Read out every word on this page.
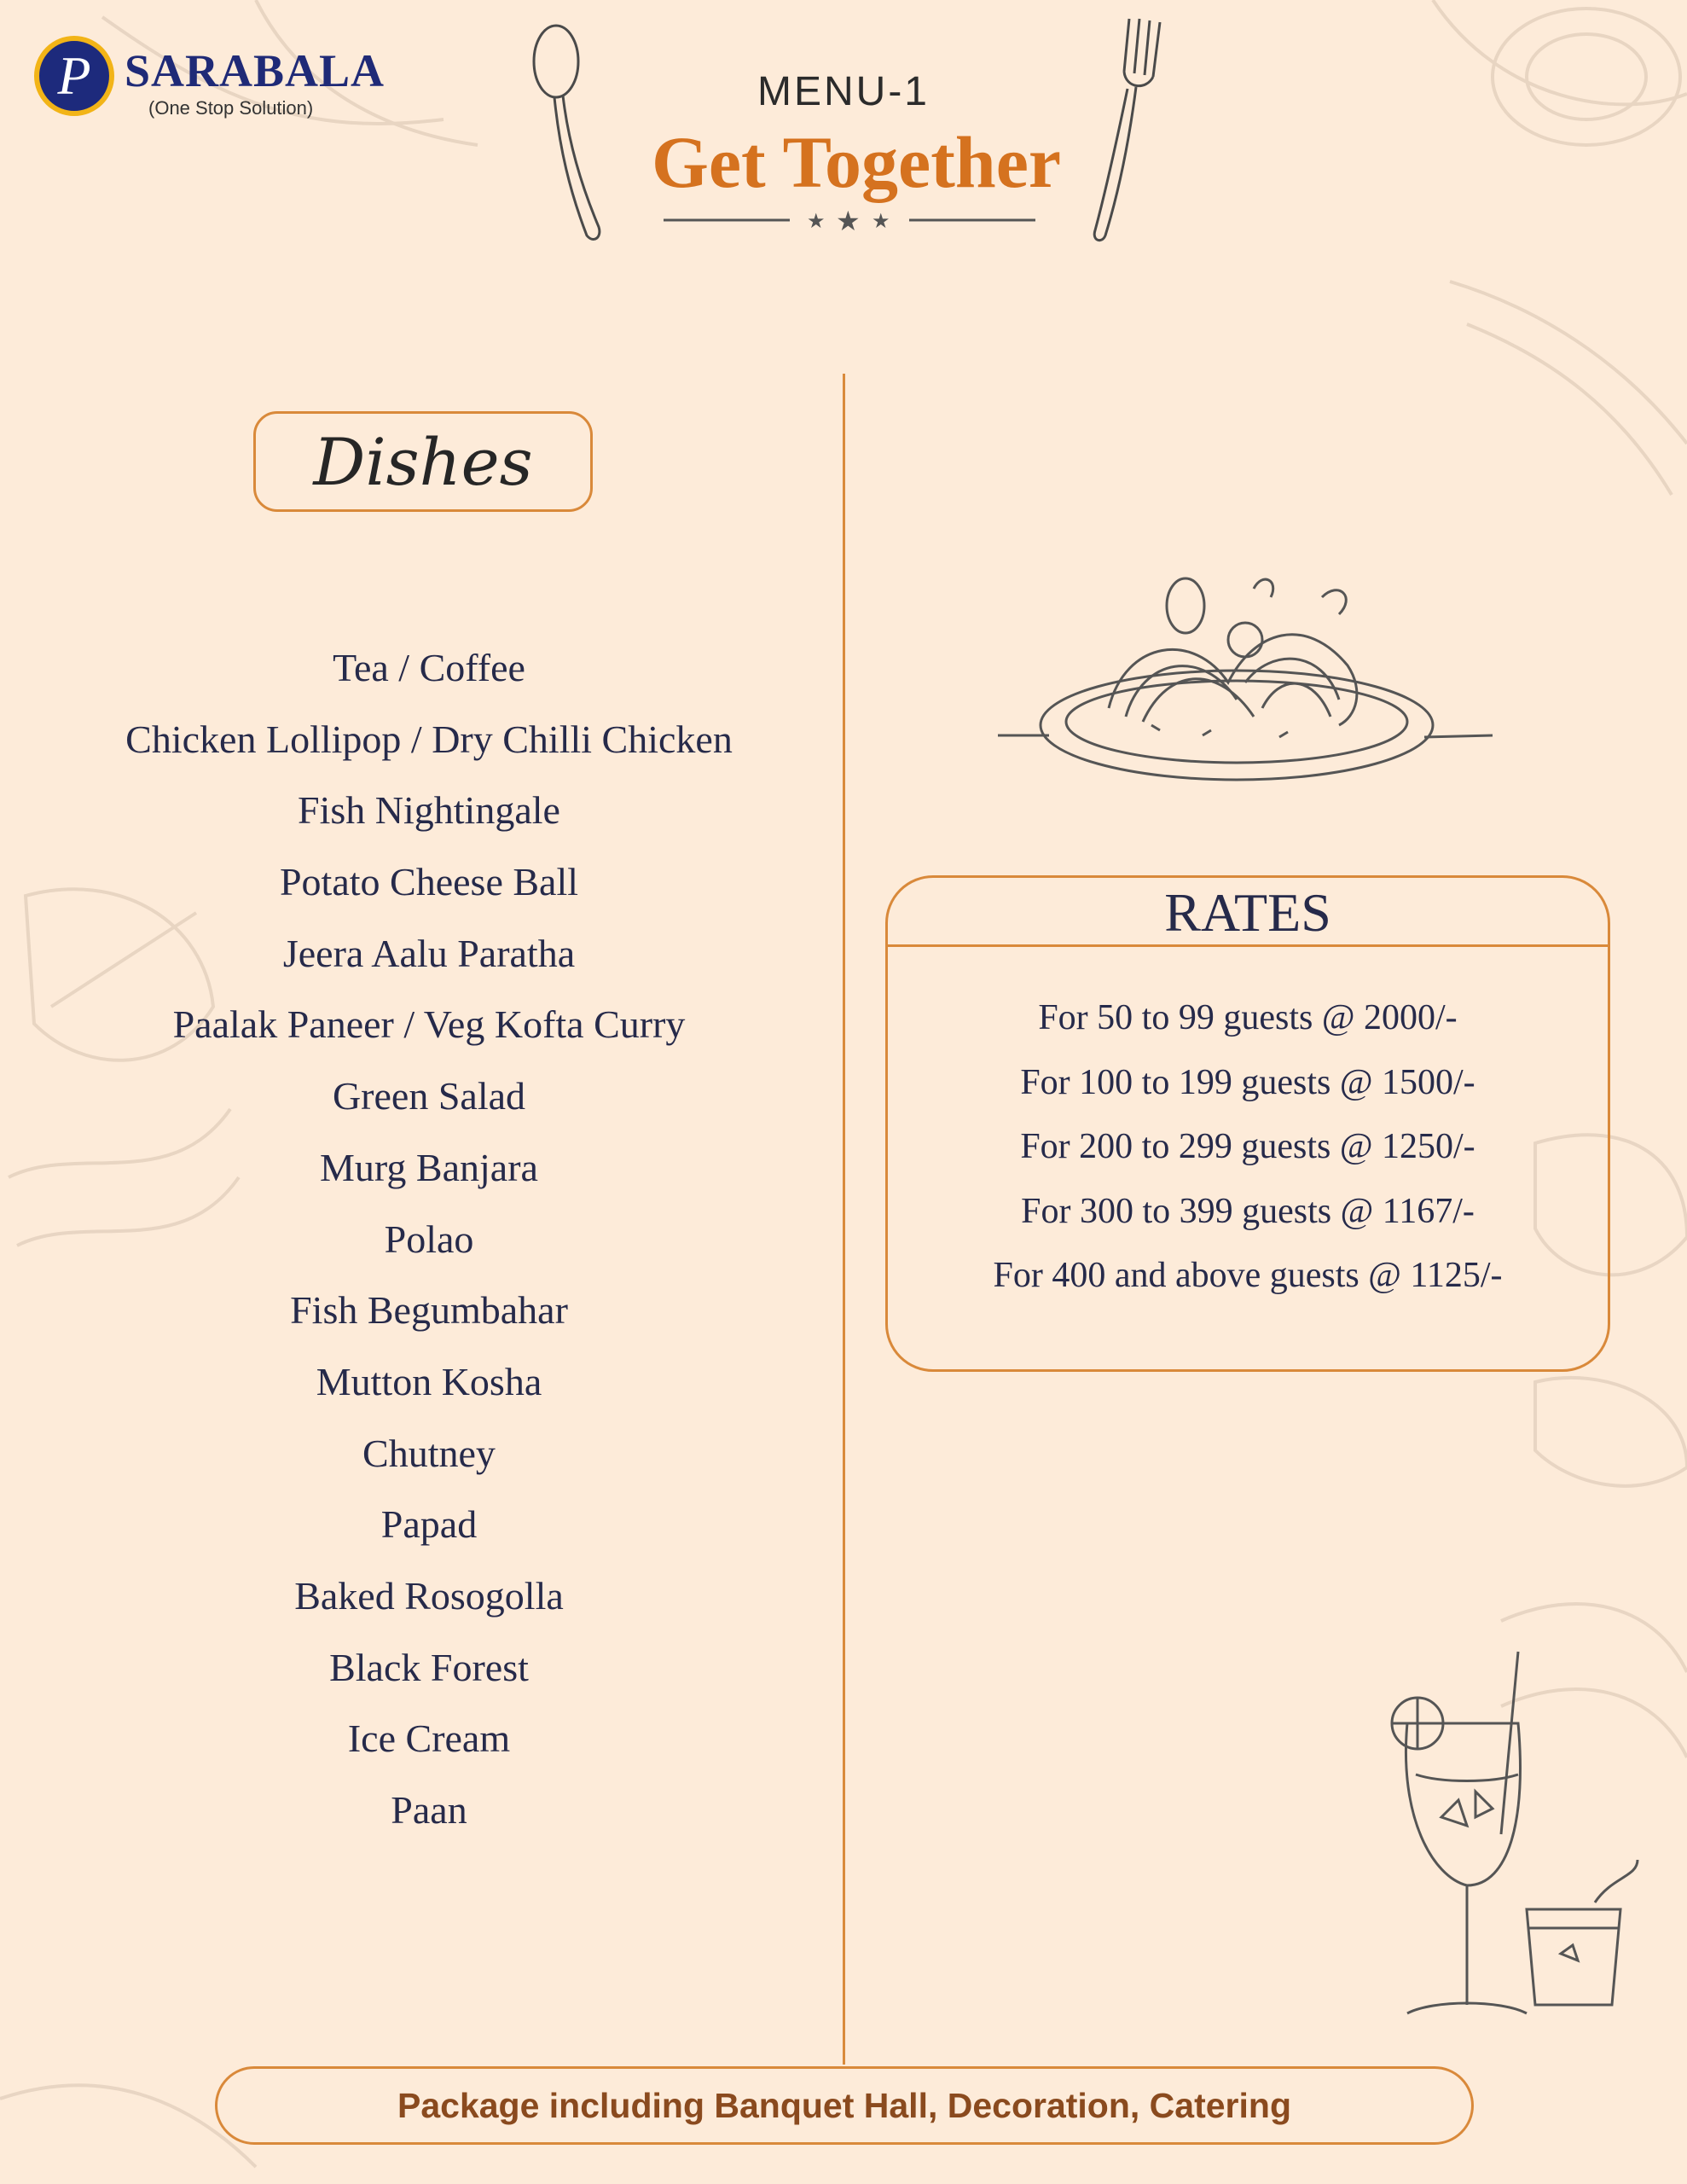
P SARABALA
(One Stop Solution)	MENU-1
Get Together
★ ★ ★
Dishes
Tea / Coffee
Chicken Lollipop / Dry Chilli Chicken
Fish Nightingale
Potato Cheese Ball
Jeera Aalu Paratha
Paalak Paneer / Veg Kofta Curry
Green Salad
Murg Banjara
Polao
Fish Begumbahar
Mutton Kosha
Chutney
Papad
Baked Rosogolla
Black Forest
Ice Cream
Paan
RATES
For 50 to 99 guests @ 2000/-
For 100 to 199 guests @ 1500/-
For 200 to 299 guests @ 1250/-
For 300 to 399 guests @ 1167/-
For 400 and above guests @ 1125/-
Package including Banquet Hall, Decoration, Catering
